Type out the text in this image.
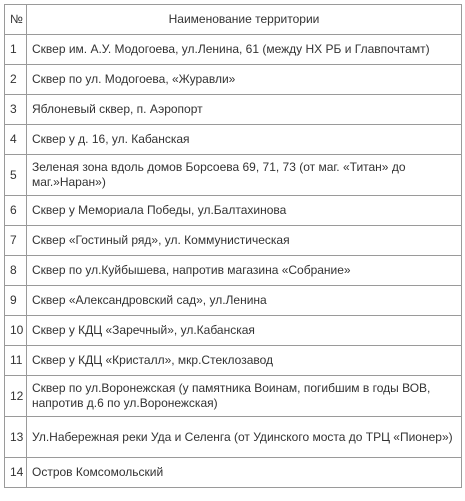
№	Наименование территории
1	Сквер им. А.У. Модогоева, ул.Ленина, 61 (между НХ РБ и Главпочтамт)
2	Сквер по ул. Модогоева, «Журавли»
3	Яблоневый сквер, п. Аэропорт
4	Сквер у д. 16, ул. Кабанская
5	Зеленая зона вдоль домов Борсоева 69, 71, 73 (от маг. «Титан» до маг.»Наран»)
6	Сквер у Мемориала Победы, ул.Балтахинова
7	Сквер «Гостиный ряд», ул. Коммунистическая
8	Сквер по ул.Куйбышева, напротив магазина «Собрание»
9	Сквер «Александровский сад», ул.Ленина
10	Сквер у КДЦ «Заречный», ул.Кабанская
11	Сквер у КДЦ «Кристалл», мкр.Стеклозавод
12	Сквер по ул.Воронежская (у памятника Воинам, погибшим в годы ВОВ, напротив д.6 по ул.Воронежская)
13	Ул.Набережная реки Уда и Селенга (от Удинского моста до ТРЦ «Пионер»)
14	Остров Комсомольский
